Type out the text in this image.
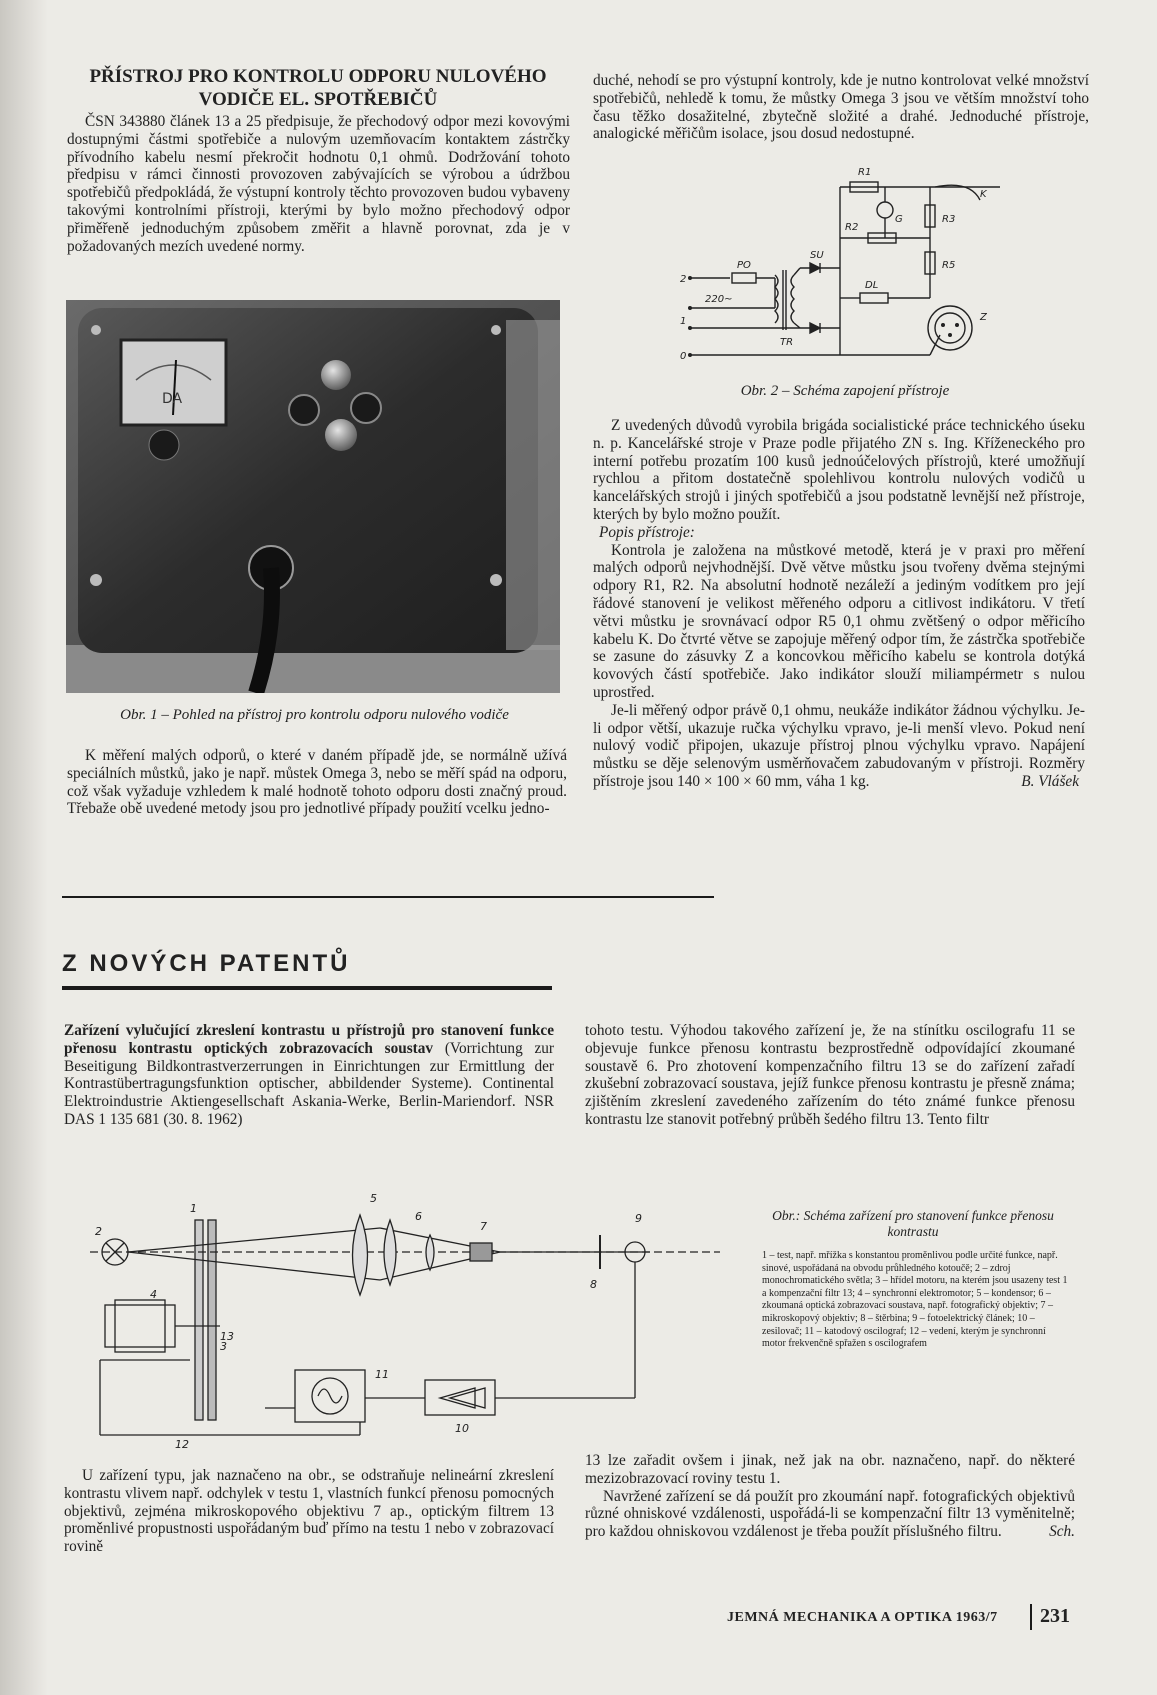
PŘÍSTROJ PRO KONTROLU ODPORU NULOVÉHO VODIČE EL. SPOTŘEBIČŮ

ČSN 343880 článek 13 a 25 předpisuje, že přechodový odpor mezi kovovými dostupnými částmi spotřebiče a nulovým uzemňovacím kontaktem zástrčky přívodního kabelu nesmí překročit hodnotu 0,1 ohmů. Dodržování tohoto předpisu v rámci činnosti provozoven zabývajících se výrobou a údržbou spotřebičů předpokládá, že výstupní kontroly těchto provozoven budou vybaveny takovými kontrolními přístroji, kterými by bylo možno přechodový odpor přiměřeně jednoduchým způsobem změřit a hlavně porovnat, zda je v požadovaných mezích uvedené normy.

DA
Obr. 1 – Pohled na přístroj pro kontrolu odporu nulového vodiče

K měření malých odporů, o které v daném případě jde, se normálně užívá speciálních můstků, jako je např. můstek Omega 3, nebo se měří spád na odporu, což však vyžaduje vzhledem k malé hodnotě tohoto odporu dosti značný proud. Třebaže obě uvedené metody jsou pro jednotlivé případy použití vcelku jedno-

duché, nehodí se pro výstupní kontroly, kde je nutno kontrolovat velké množství spotřebičů, nehledě k tomu, že můstky Omega 3 jsou ve větším množství toho času těžko dosažitelné, zbytečně složité a drahé. Jednoduché přístroje, analogické měřičům isolace, jsou dosud nedostupné.

R1
R2
G	R3
R5
K
PO
SU
DL
TR
Z
220~
2
1
0
Obr. 2 – Schéma zapojení přístroje

Z uvedených důvodů vyrobila brigáda socialistické práce technického úseku n. p. Kancelářské stroje v Praze podle přijatého ZN s. Ing. Kříženeckého pro interní potřebu prozatím 100 kusů jednoúčelových přístrojů, které umožňují rychlou a přitom dostatečně spolehlivou kontrolu nulových vodičů u kancelářských strojů i jiných spotřebičů a jsou podstatně levnější než přístroje, kterých by bylo možno použít.

Popis přístroje:

Kontrola je založena na můstkové metodě, která je v praxi pro měření malých odporů nejvhodnější. Dvě větve můstku jsou tvořeny dvěma stejnými odpory R1, R2. Na absolutní hodnotě nezáleží a jediným vodítkem pro její řádové stanovení je velikost měřeného odporu a citlivost indikátoru. V třetí větvi můstku je srovnávací odpor R5 0,1 ohmu zvětšený o odpor měřicího kabelu K. Do čtvrté větve se zapojuje měřený odpor tím, že zástrčka spotřebiče se zasune do zásuvky Z a koncovkou měřicího kabelu se kontrola dotýká kovových částí spotřebiče. Jako indikátor slouží miliampérmetr s nulou uprostřed.

Je-li měřený odpor právě 0,1 ohmu, neukáže indikátor žádnou výchylku. Je-li odpor větší, ukazuje ručka výchylku vpravo, je-li menší vlevo. Pokud není nulový vodič připojen, ukazuje přístroj plnou výchylku vpravo. Napájení můstku se děje selenovým usměrňovačem zabudovaným v přístroji. Rozměry přístroje jsou 140 × 100 × 60 mm, váha 1 kg.	B. Vlášek

Z NOVÝCH PATENTŮ
Zařízení vylučující zkreslení kontrastu u přístrojů pro stanovení funkce přenosu kontrastu optických zobrazovacích soustav (Vorrichtung zur Beseitigung Bildkontrastverzerrungen in Einrichtungen zur Ermittlung der Kontrastübertragungsfunktion optischer, abbildender Systeme). Continental Elektroindustrie Aktiengesellschaft Askania-Werke, Berlin-Mariendorf. NSR DAS 1 135 681 (30. 8. 1962)

tohoto testu. Výhodou takového zařízení je, že na stínítku oscilografu 11 se objevuje funkce přenosu kontrastu bezprostředně odpovídající zkoumané soustavě 6. Pro zhotovení kompenzačního filtru 13 se do zařízení zařadí zkušební zobrazovací soustava, jejíž funkce přenosu kontrastu je přesně známa; zjištěním zkreslení zavedeného zařízením do této známé funkce přenosu kontrastu lze stanovit potřebný průběh šedého filtru 13. Tento filtr

2
1
4
3
13
5
6
7
8
9
10
11
12
Obr.: Schéma zařízení pro stanovení funkce přenosu kontrastu
1 – test, např. mřížka s konstantou proměnlivou podle určité funkce, např. sinové, uspořádaná na obvodu průhledného kotoučě; 2 – zdroj monochromatického světla; 3 – hřídel motoru, na kterém jsou usazeny test 1 a kompenzační filtr 13; 4 – synchronní elektromotor; 5 – kondensor; 6 – zkoumaná optická zobrazovací soustava, např. fotografický objektiv; 7 – mikroskopový objektiv; 8 – štěrbina; 9 – fotoelektrický článek; 10 – zesilovač; 11 – katodový oscilograf; 12 – vedení, kterým je synchronní motor frekvenčně spřažen s oscilografem

U zařízení typu, jak naznačeno na obr., se odstraňuje nelineární zkreslení kontrastu vlivem např. odchylek v testu 1, vlastních funkcí přenosu pomocných objektivů, zejména mikroskopového objektivu 7 ap., optickým filtrem 13 proměnlivé propustnosti uspořádaným buď přímo na testu 1 nebo v zobrazovací rovině

13 lze zařadit ovšem i jinak, než jak na obr. naznačeno, např. do některé mezizobrazovací roviny testu 1.

Navržené zařízení se dá použít pro zkoumání např. fotografických objektivů různé ohniskové vzdálenosti, uspořádá-li se kompenzační filtr 13 vyměnitelně; pro každou ohniskovou vzdálenost je třeba použít příslušného filtru.	Sch.

JEMNÁ MECHANIKA A OPTIKA 1963/7 231
